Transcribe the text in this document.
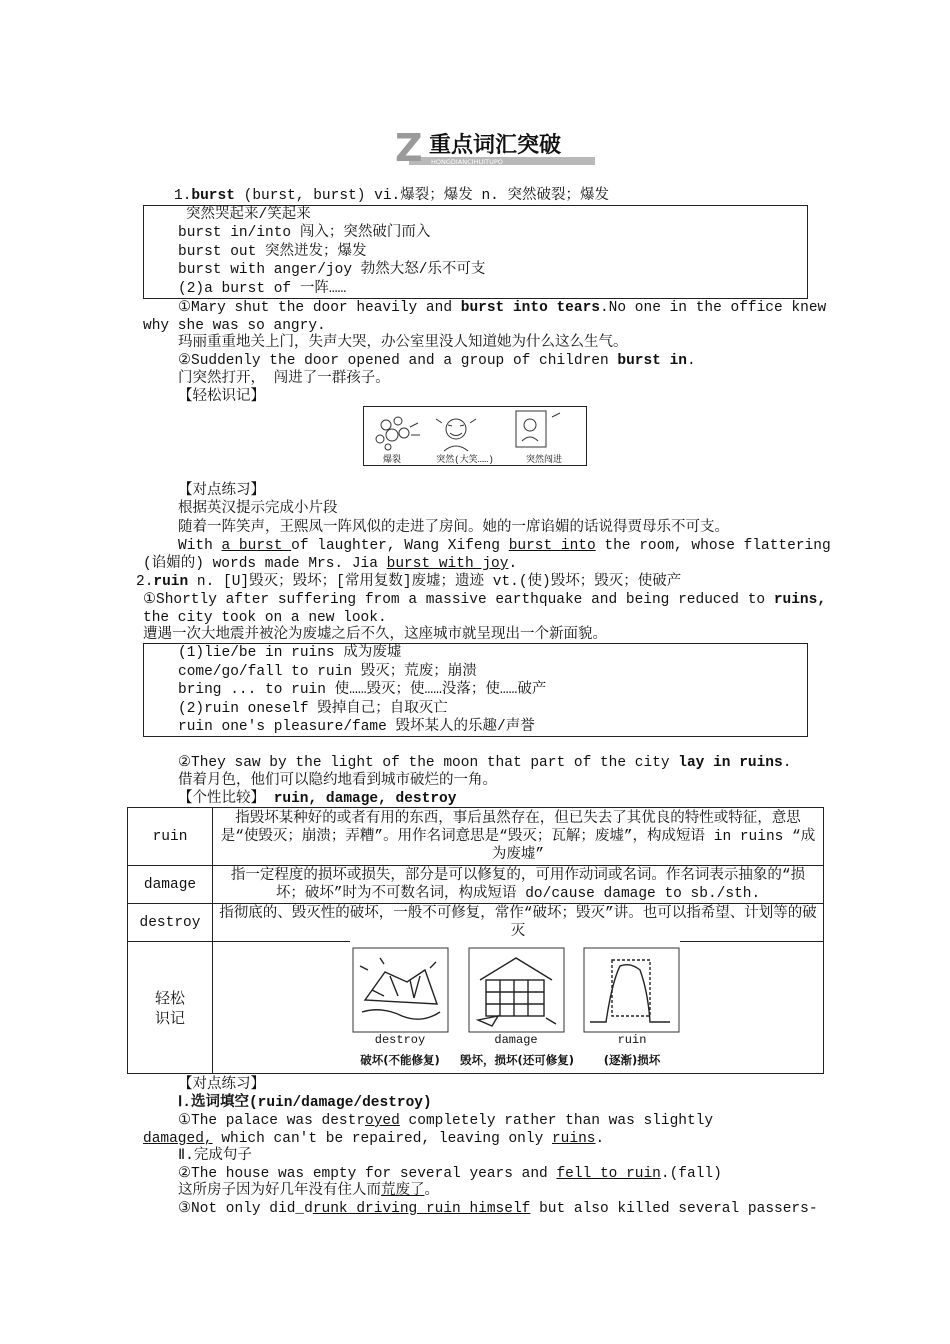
Z 重点词汇突破
HONGDIANCIHUITUPO
1.burst (burst, burst) vi.爆裂；爆发 n. 突然破裂；爆发
突然哭起来/笑起来
burst in/into 闯入；突然破门而入
burst out 突然迸发；爆发
burst with anger/joy 勃然大怒/乐不可支
(2)a burst of 一阵……
①Mary shut the door heavily and burst into tears.No one in the office knew
why she was so angry.
玛丽重重地关上门，失声大哭，办公室里没人知道她为什么这么生气。
②Suddenly the door opened and a group of children burst in.
门突然打开， 闯进了一群孩子。
【轻松识记】
爆裂	突然(大笑……)	突然闯进
【对点练习】
根据英汉提示完成小片段
随着一阵笑声，王熙凤一阵风似的走进了房间。她的一席谄媚的话说得贾母乐不可支。
With a burst of laughter, Wang Xifeng burst into the room, whose flattering
(谄媚的) words made Mrs. Jia burst with joy.
2.ruin n. [U]毁灭；毁坏；[常用复数]废墟；遗迹 vt.(使)毁坏；毁灭；使破产
①Shortly after suffering from a massive earthquake and being reduced to ruins,
the city took on a new look.
遭遇一次大地震并被沦为废墟之后不久，这座城市就呈现出一个新面貌。
(1)lie/be in ruins 成为废墟
come/go/fall to ruin 毁灭；荒废；崩溃
bring ... to ruin 使……毁灭；使……没落；使……破产
(2)ruin oneself 毁掉自己；自取灭亡
ruin one's pleasure/fame 毁坏某人的乐趣/声誉
②They saw by the light of the moon that part of the city lay in ruins.
借着月色，他们可以隐约地看到城市破烂的一角。
【个性比较】 ruin, damage, destroy
ruin	指毁坏某种好的或者有用的东西，事后虽然存在，但已失去了其优良的特性或特征，意思是“使毁灭；崩溃；弄糟”。用作名词意思是“毁灭；瓦解；废墟”，构成短语 in ruins “成为废墟”
damage	指一定程度的损坏或损失，部分是可以修复的，可用作动词或名词。作名词表示抽象的“损坏；破坏”时为不可数名词，构成短语 do/cause damage to sb./sth.
destroy	指彻底的、毁灭性的破坏，一般不可修复，常作“破坏；毁灭”讲。也可以指希望、计划等的破灭

轻松识记	

destroy	damage	ruin
破坏(不能修复)	毁坏，损坏(还可修复)	(逐渐)损坏
【对点练习】
Ⅰ.选词填空(ruin/damage/destroy)
①The palace was destroyed completely rather than was slightly
damaged, which can't be repaired, leaving only ruins.
Ⅱ.完成句子
②The house was empty for several years and fell to ruin.(fall)
这所房子因为好几年没有住人而荒废了。
③Not only did_drunk driving ruin himself but also killed several passers-
